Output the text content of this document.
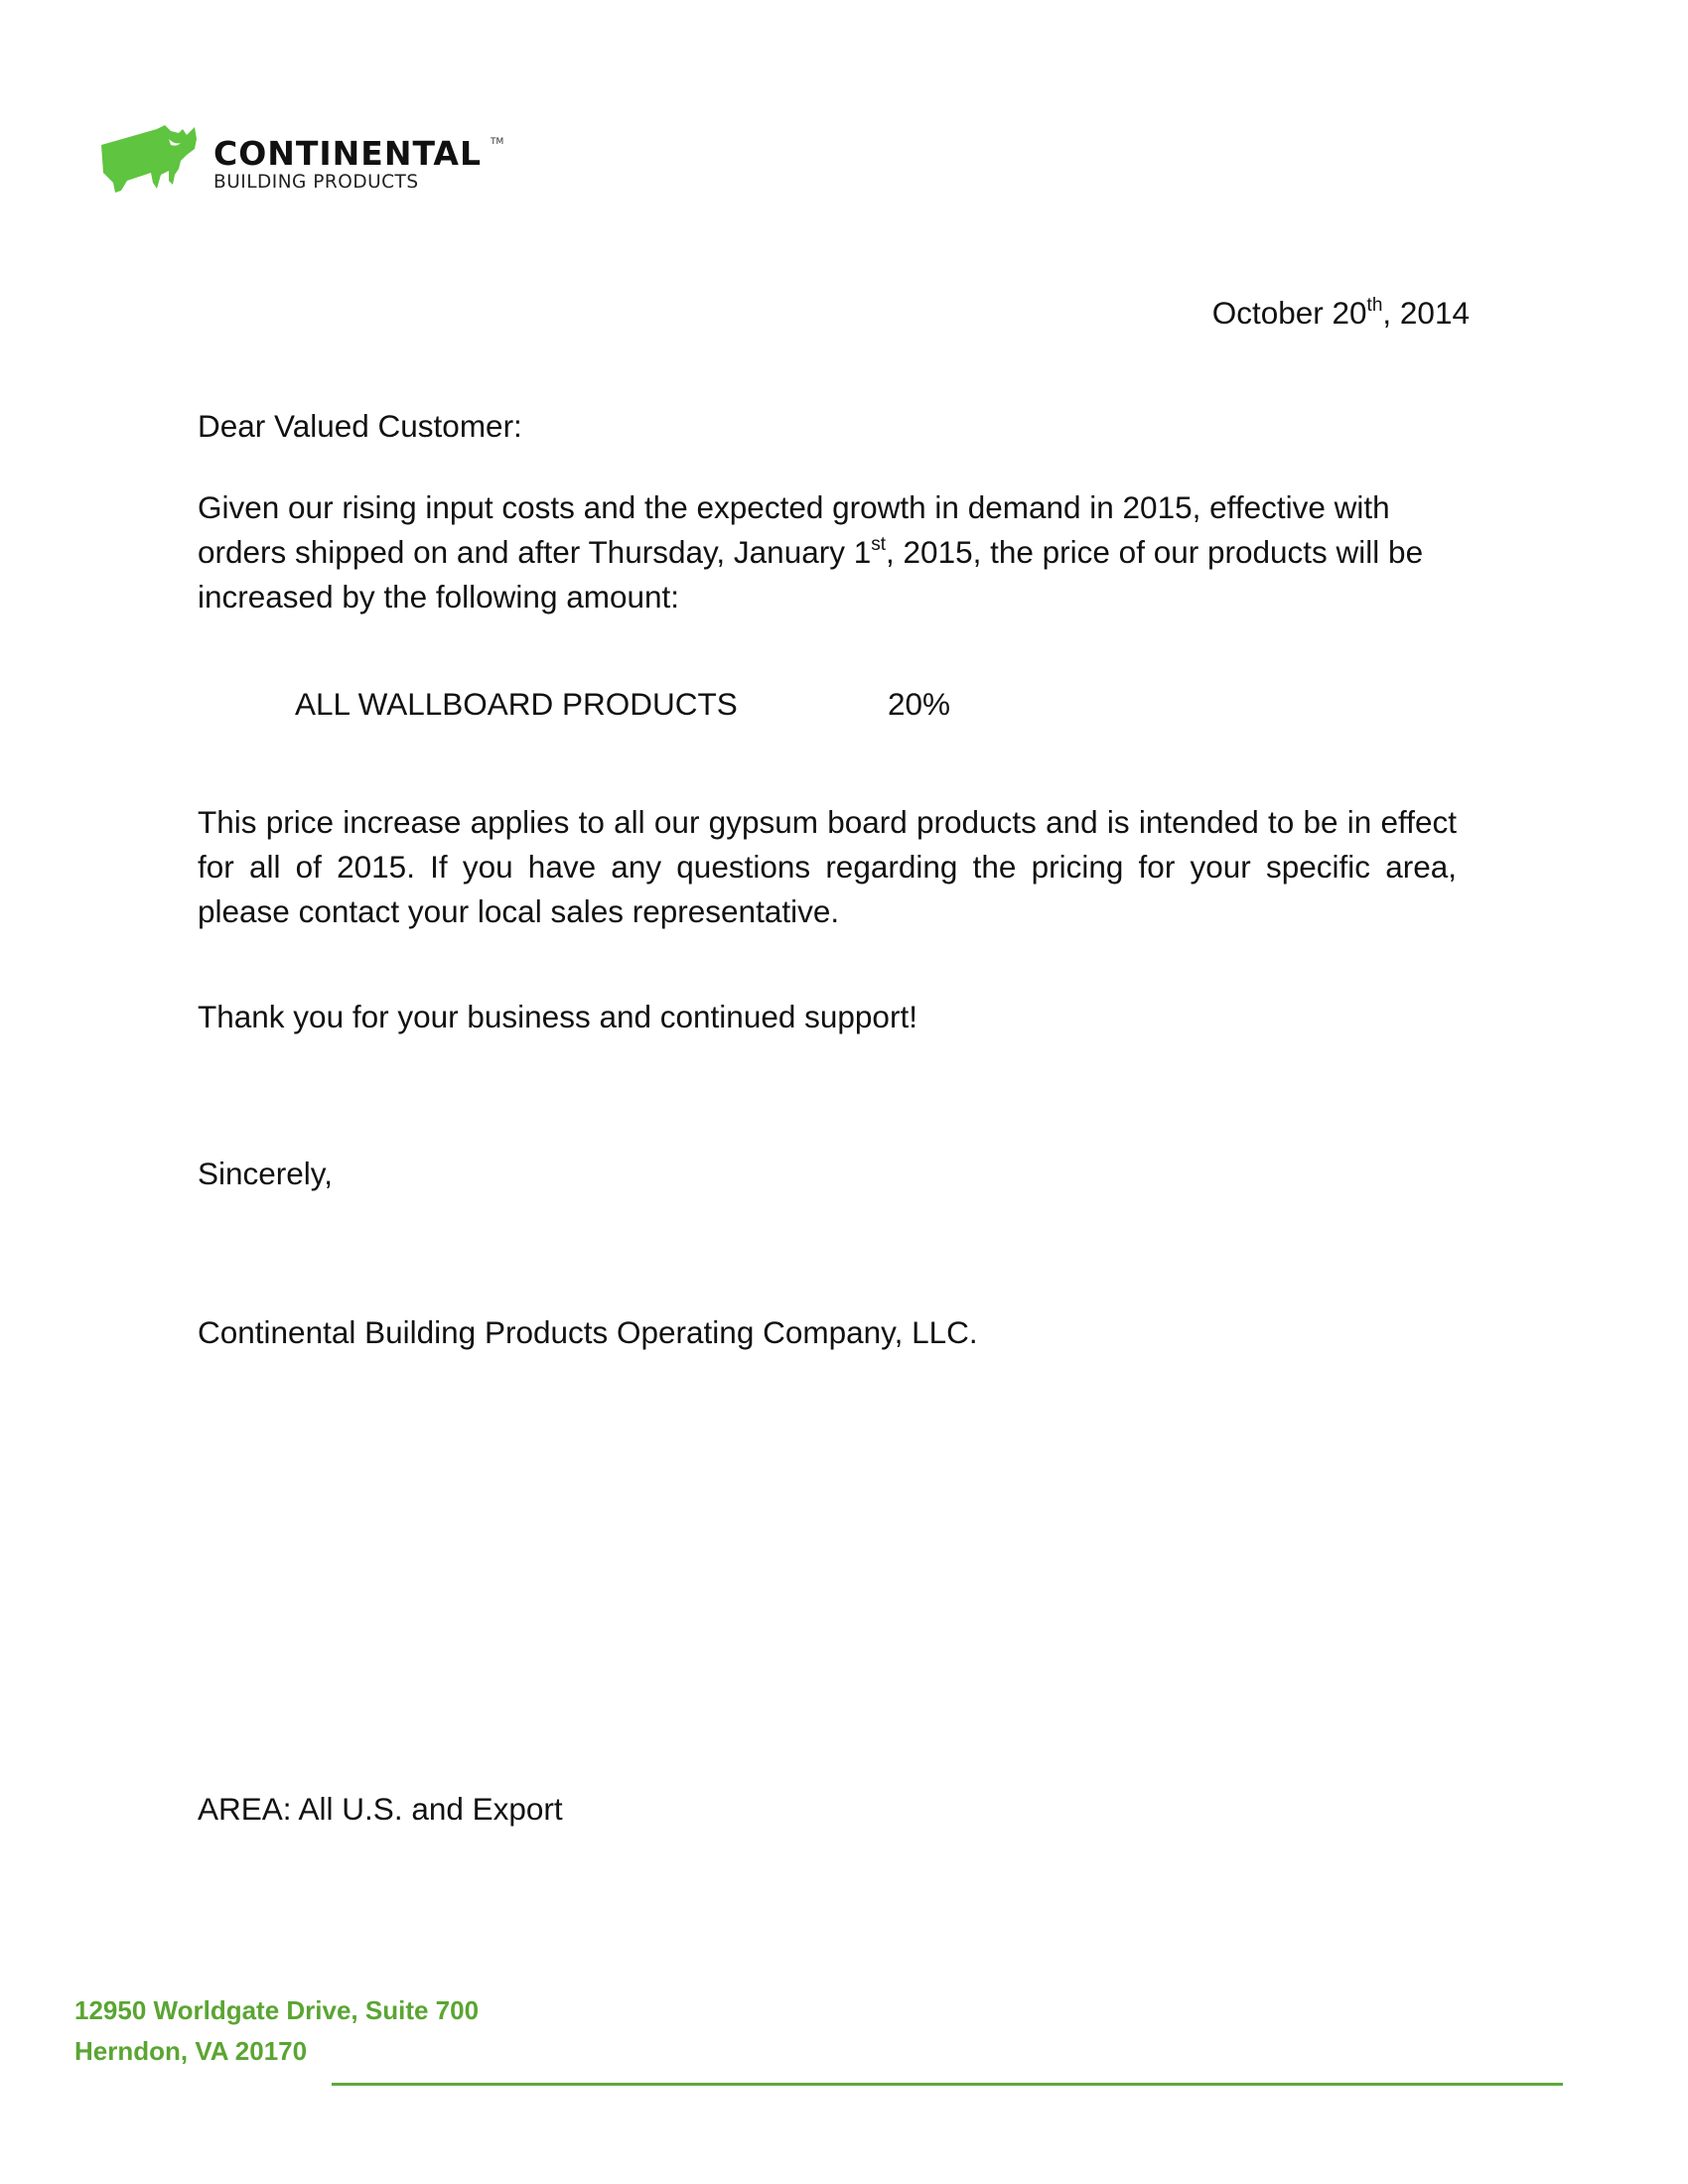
CONTINENTAL TM
BUILDING PRODUCTS
October 20th, 2014
Dear Valued Customer:
Given our rising input costs and the expected growth in demand in 2015, effective with orders shipped on and after Thursday, January 1st, 2015, the price of our products will be increased by the following amount:
ALL WALLBOARD PRODUCTS	20%
This price increase applies to all our gypsum board products and is intended to be in effect for all of 2015. If you have any questions regarding the pricing for your specific area, please contact your local sales representative.
Thank you for your business and continued support!
Sincerely,
Continental Building Products Operating Company, LLC.
AREA: All U.S. and Export
12950 Worldgate Drive, Suite 700
Herndon, VA 20170
